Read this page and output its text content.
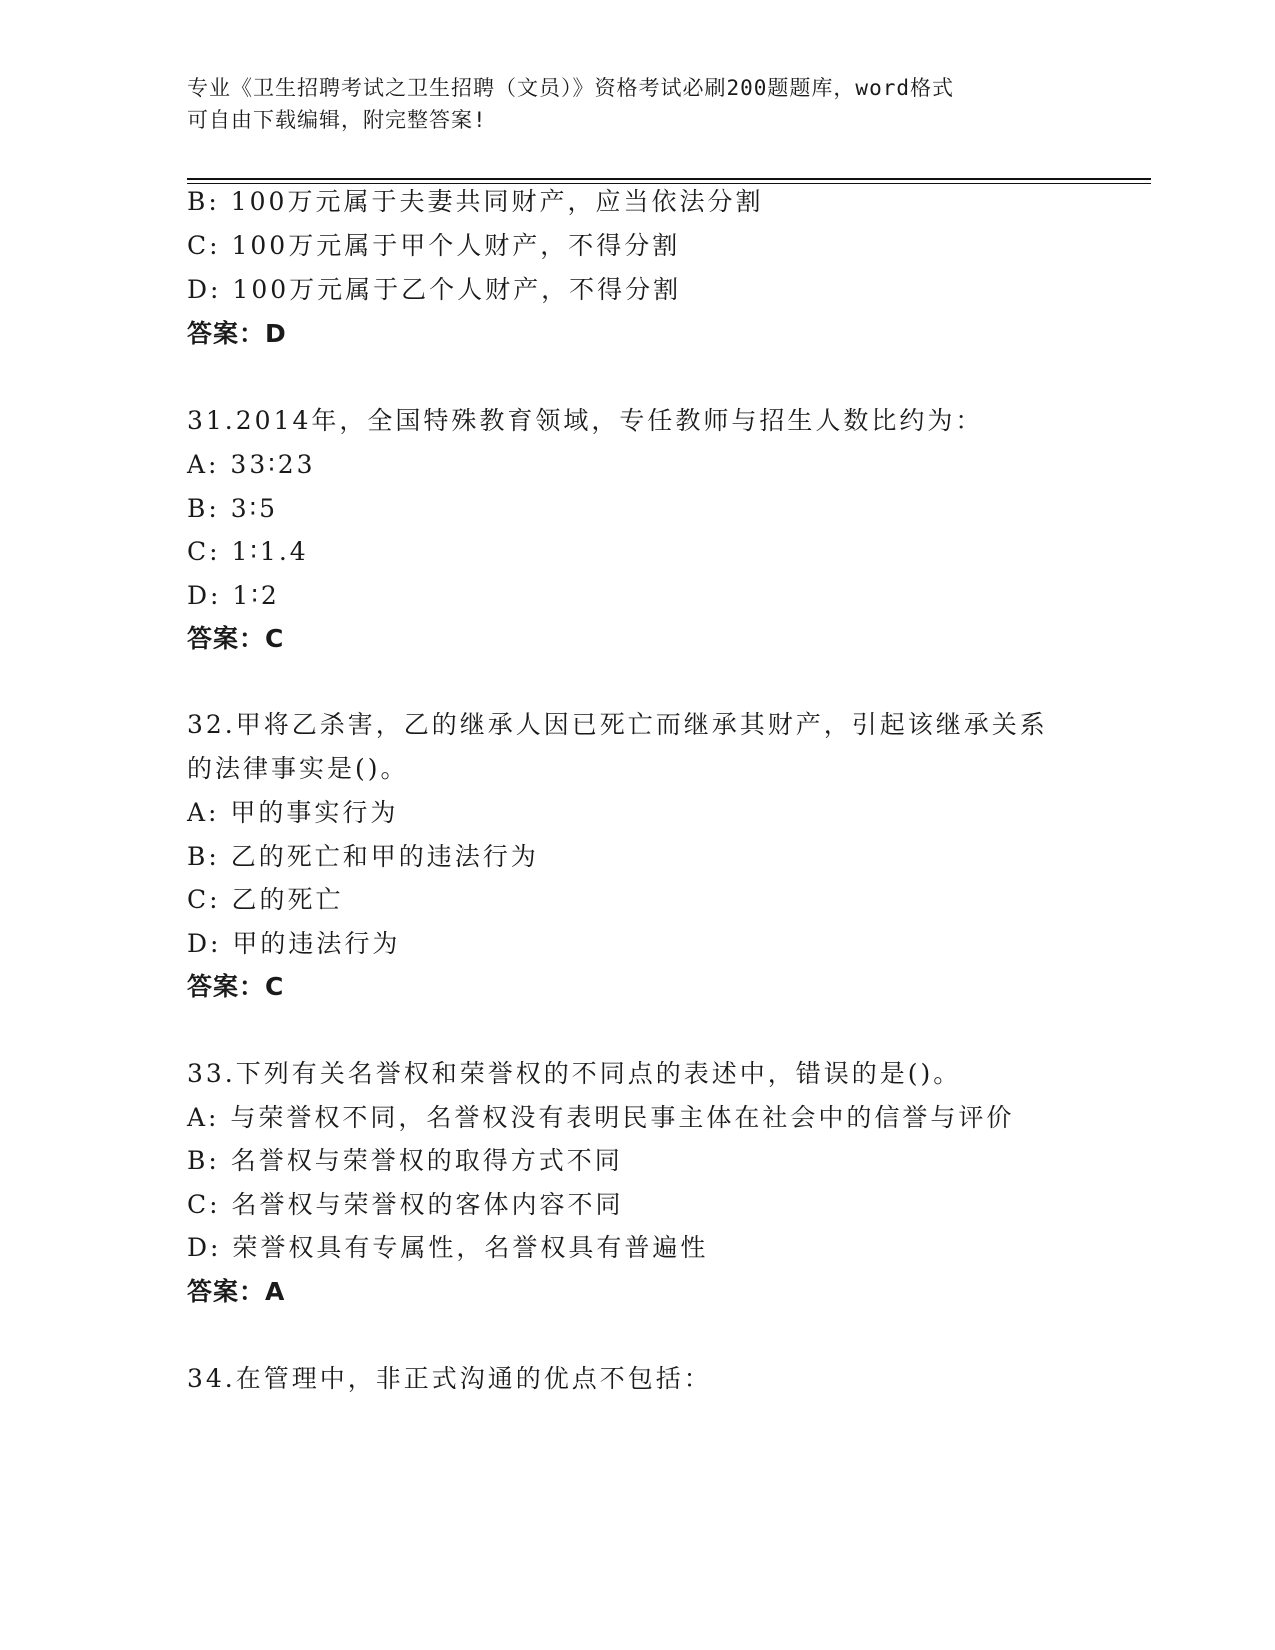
专业《卫生招聘考试之卫生招聘（文员）》资格考试必刷200题题库，word格式
可自由下载编辑，附完整答案!
B: 100万元属于夫妻共同财产，应当依法分割
C: 100万元属于甲个人财产，不得分割
D: 100万元属于乙个人财产，不得分割
答案：D
31.2014年，全国特殊教育领域，专任教师与招生人数比约为：
A: 33∶23
B: 3∶5
C: 1∶1.4
D: 1∶2
答案：C
32.甲将乙杀害，乙的继承人因已死亡而继承其财产，引起该继承关系
的法律事实是()。
A: 甲的事实行为
B: 乙的死亡和甲的违法行为
C: 乙的死亡
D: 甲的违法行为
答案：C
33.下列有关名誉权和荣誉权的不同点的表述中，错误的是()。
A: 与荣誉权不同，名誉权没有表明民事主体在社会中的信誉与评价
B: 名誉权与荣誉权的取得方式不同
C: 名誉权与荣誉权的客体内容不同
D: 荣誉权具有专属性，名誉权具有普遍性
答案：A
34.在管理中，非正式沟通的优点不包括：
